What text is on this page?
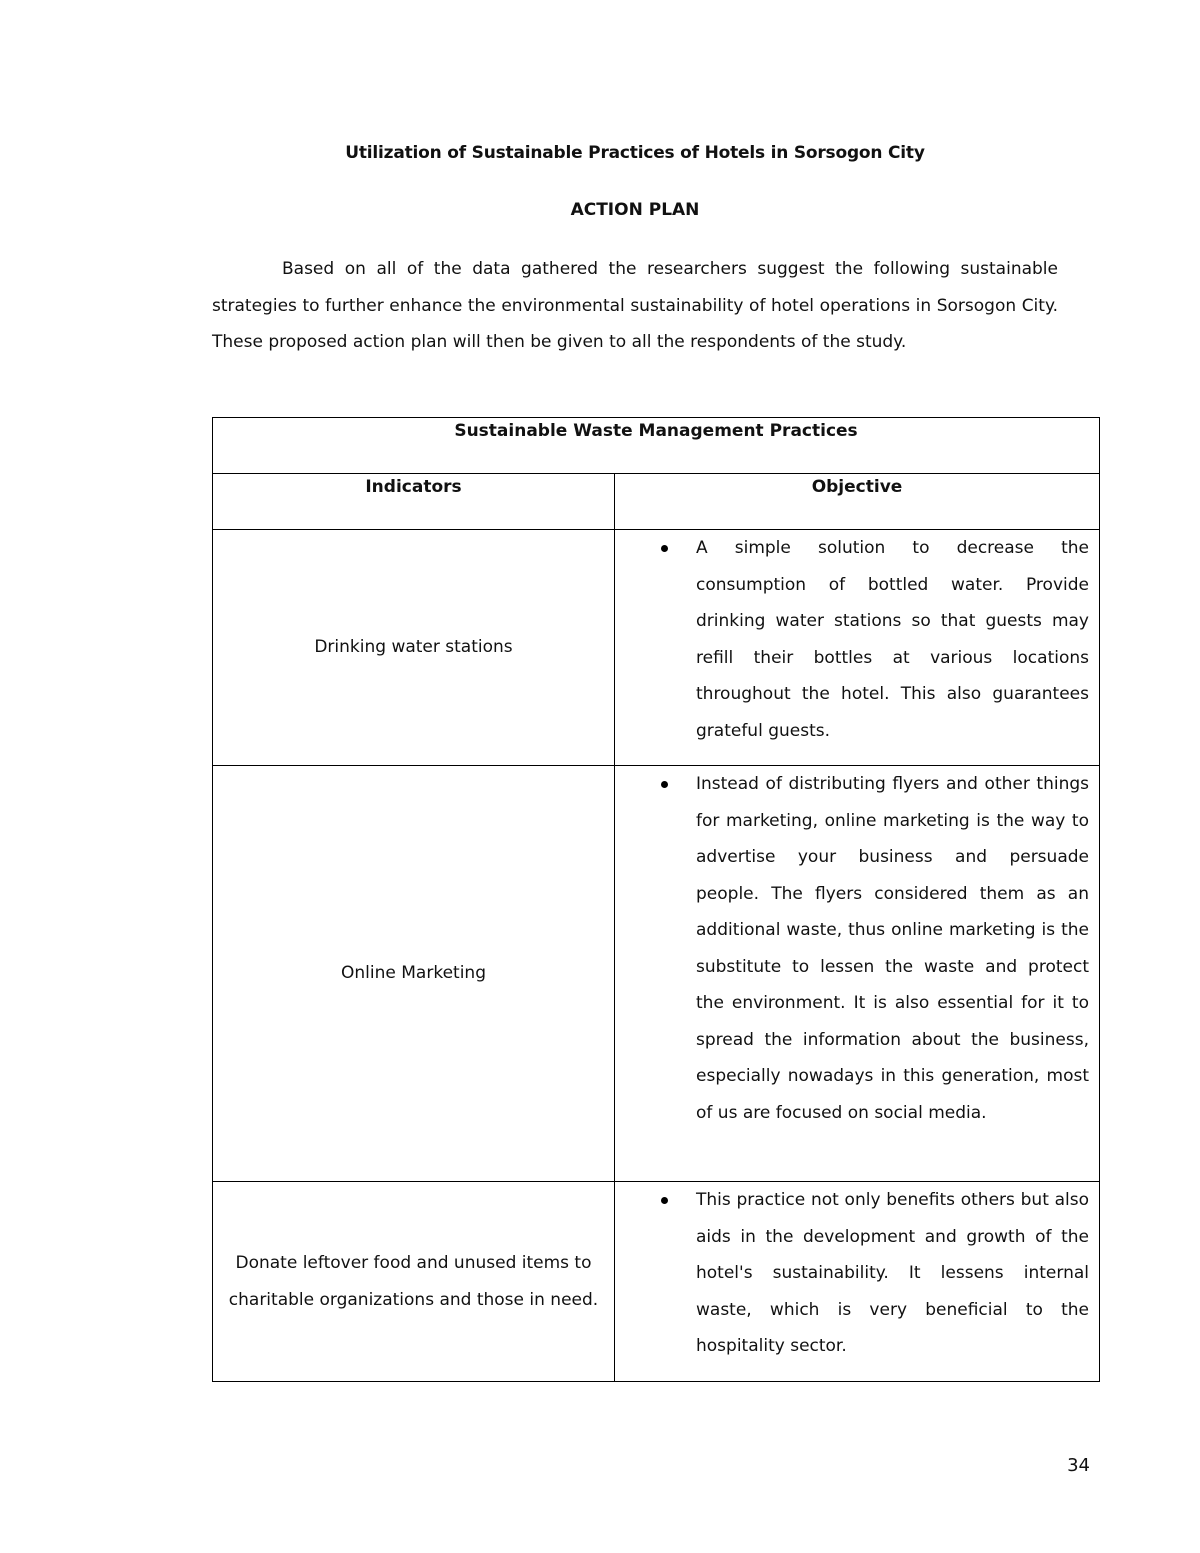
Utilization of Sustainable Practices of Hotels in Sorsogon City
ACTION PLAN

Based on all of the data gathered the researchers suggest the following sustainable strategies to further enhance the environmental sustainability of hotel operations in Sorsogon City. These proposed action plan will then be given to all the respondents of the study.

Sustainable Waste Management Practices	

Indicators	Objective

Drinking water stations	A simple solution to decrease the consumption of bottled water. Provide drinking water stations so that guests may refill their bottles at various locations throughout the hotel. This also guarantees grateful guests.

Online Marketing	Instead of distributing flyers and other things for marketing, online marketing is the way to advertise your business and persuade people. The flyers considered them as an additional waste, thus online marketing is the substitute to lessen the waste and protect the environment. It is also essential for it to spread the information about the business, especially nowadays in this generation, most of us are focused on social media.

Donate leftover food and unused items to charitable organizations and those in need.	This practice not only benefits others but also aids in the development and growth of the hotel's sustainability. It lessens internal waste, which is very beneficial to the hospitality sector.
34
